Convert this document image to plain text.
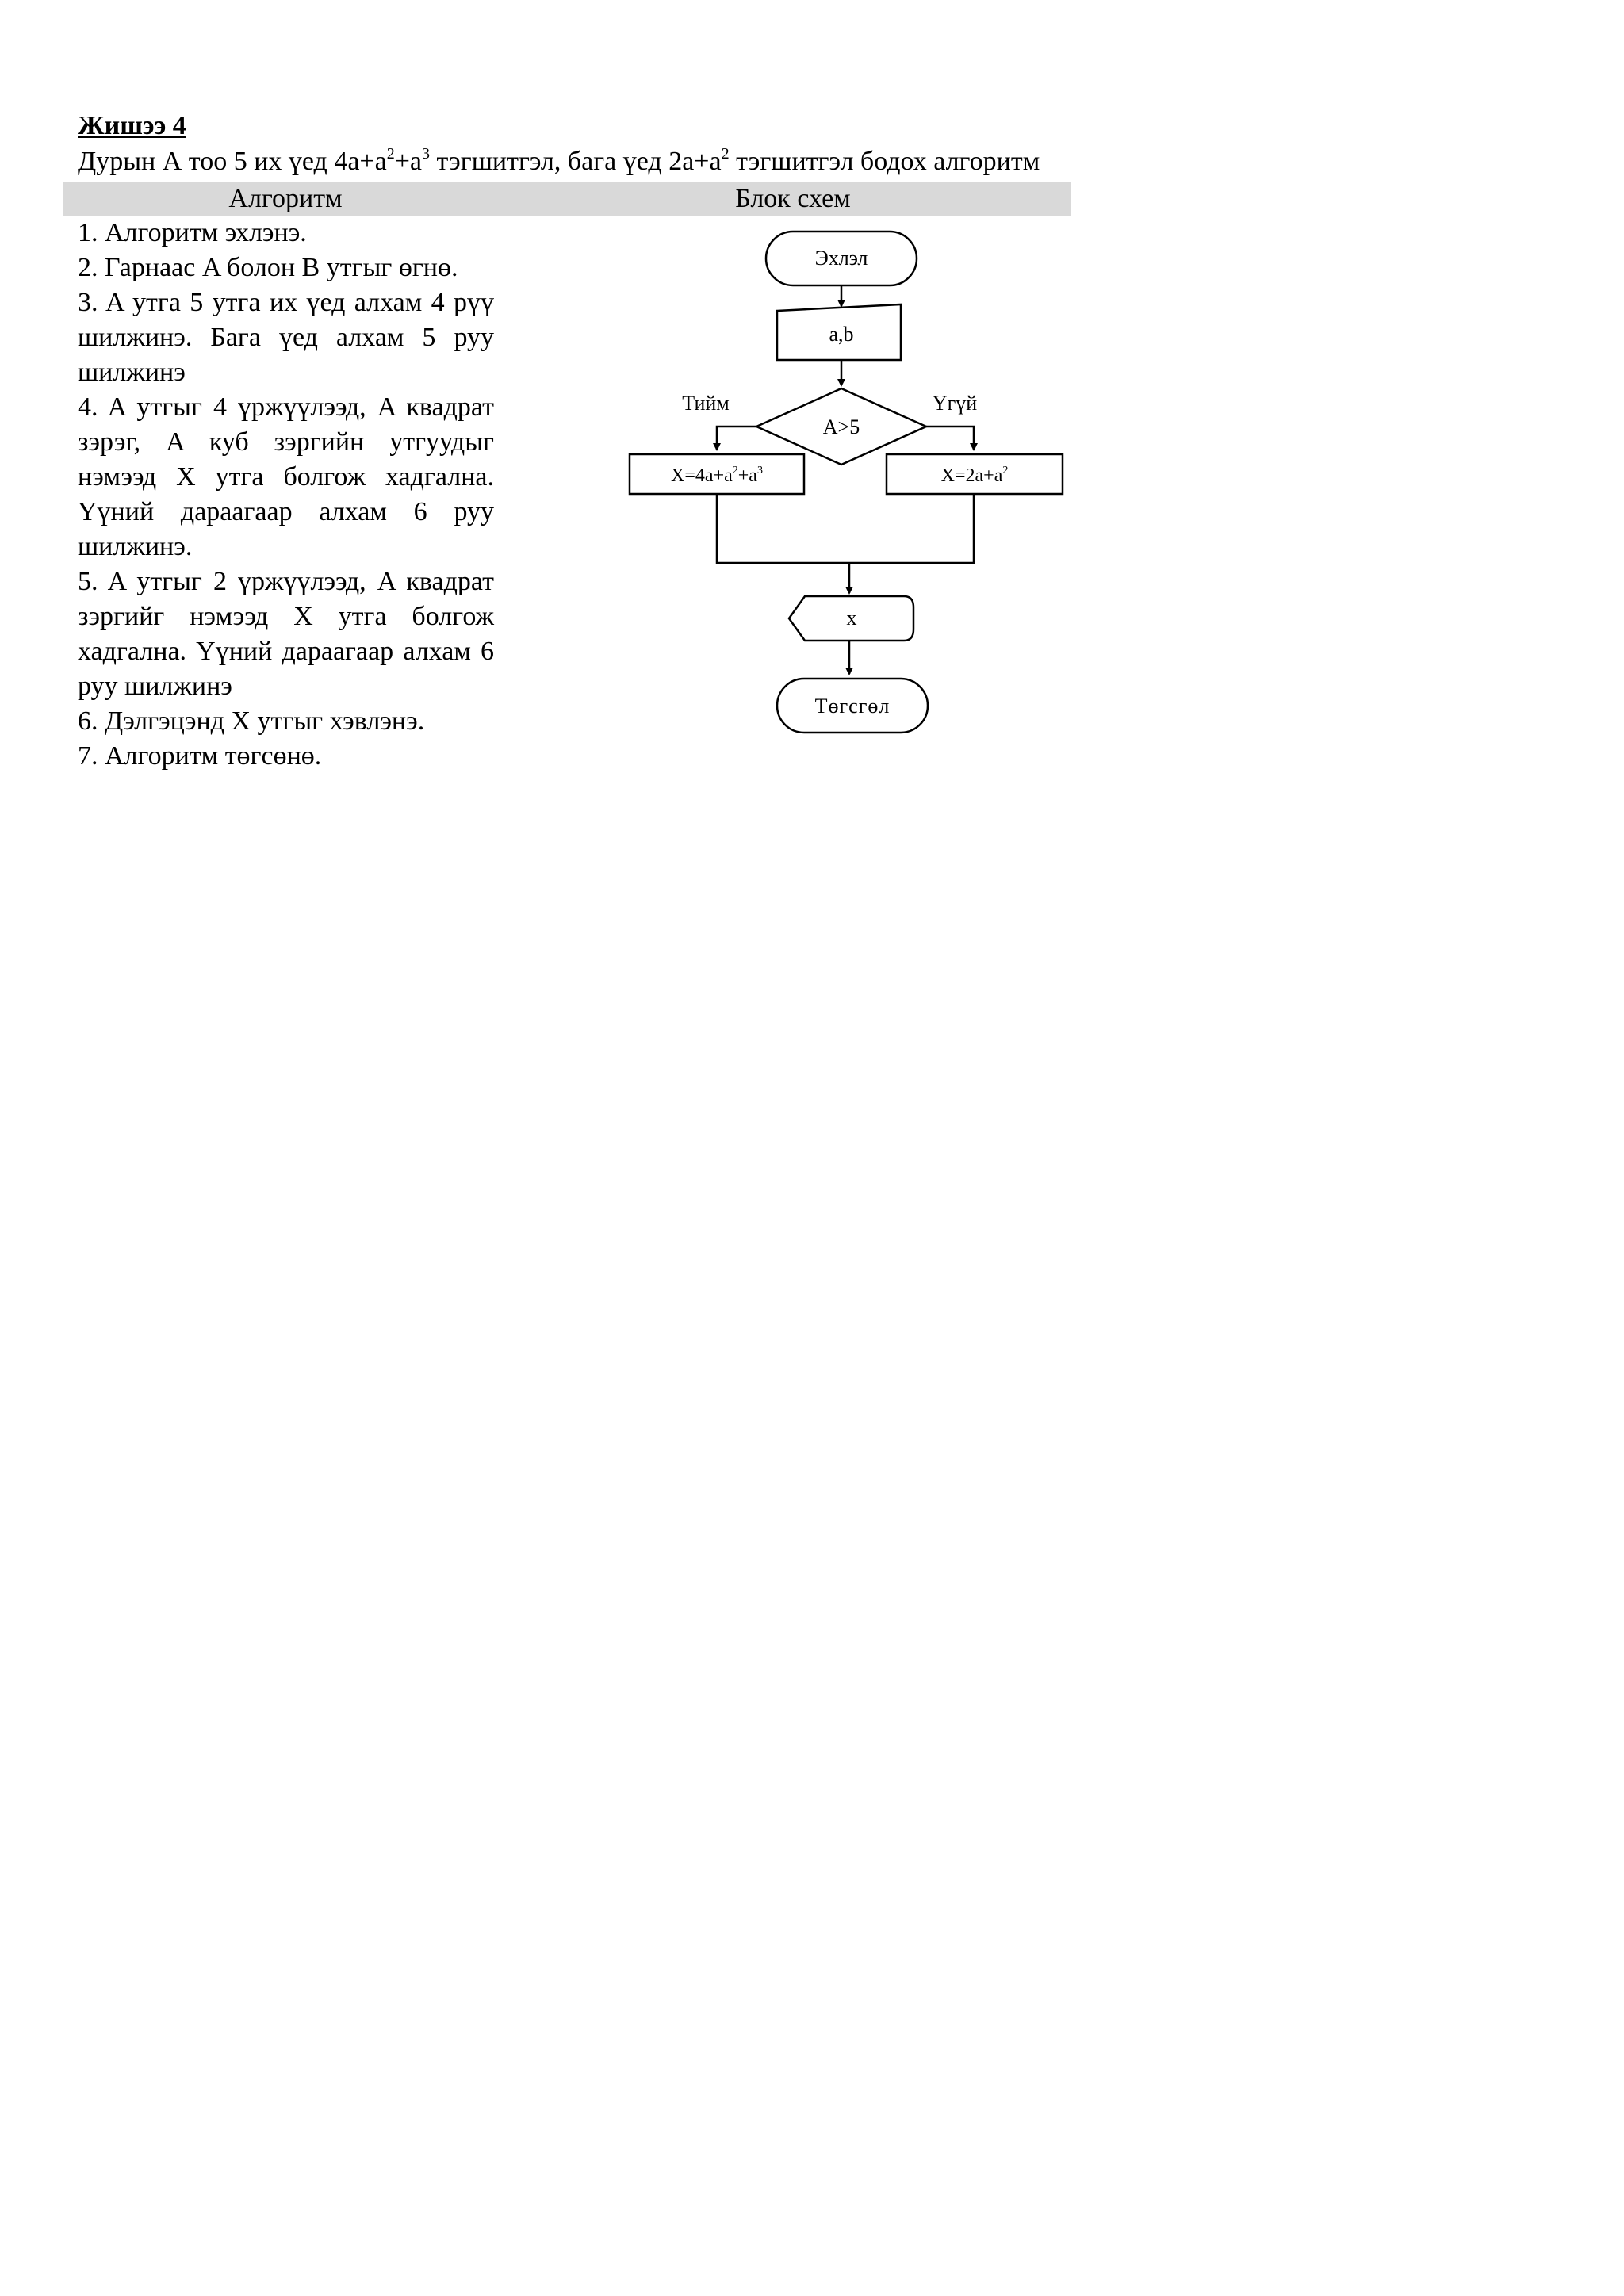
Жишээ 4
Дурын А тоо 5 их үед $4a+a^2+a^3$ тэгшитгэл, бага үед $2a+a^2$ тэгшитгэл бодох алгоритм
Алгоритм	Блок схем

1. Алгоритм эхлэнэ.

2. Гарнаас A болон B утгыг өгнө.

3. A утга 5 утга их үед алхам 4 рүү шилжинэ. Бага үед алхам 5 руу шилжинэ

4. A утгыг 4 үржүүлээд, A квадрат зэрэг, A куб зэргийн утгуудыг нэмээд X утга болгож хадгална. Үүний дараагаар алхам 6 руу шилжинэ.

5. A утгыг 2 үржүүлээд, A квадрат зэргийг нэмээд X утга болгож хадгална. Үүний дараагаар алхам 6 руу шилжинэ

6. Дэлгэцэнд X утгыг хэвлэнэ.

7. Алгоритм төгсөнө.

Эхлэл
a,b
A>5
Тийм	Үгүй
$X=4a+a^2+a^3$	$X=2a+a^2$
x
Төгсгөл
